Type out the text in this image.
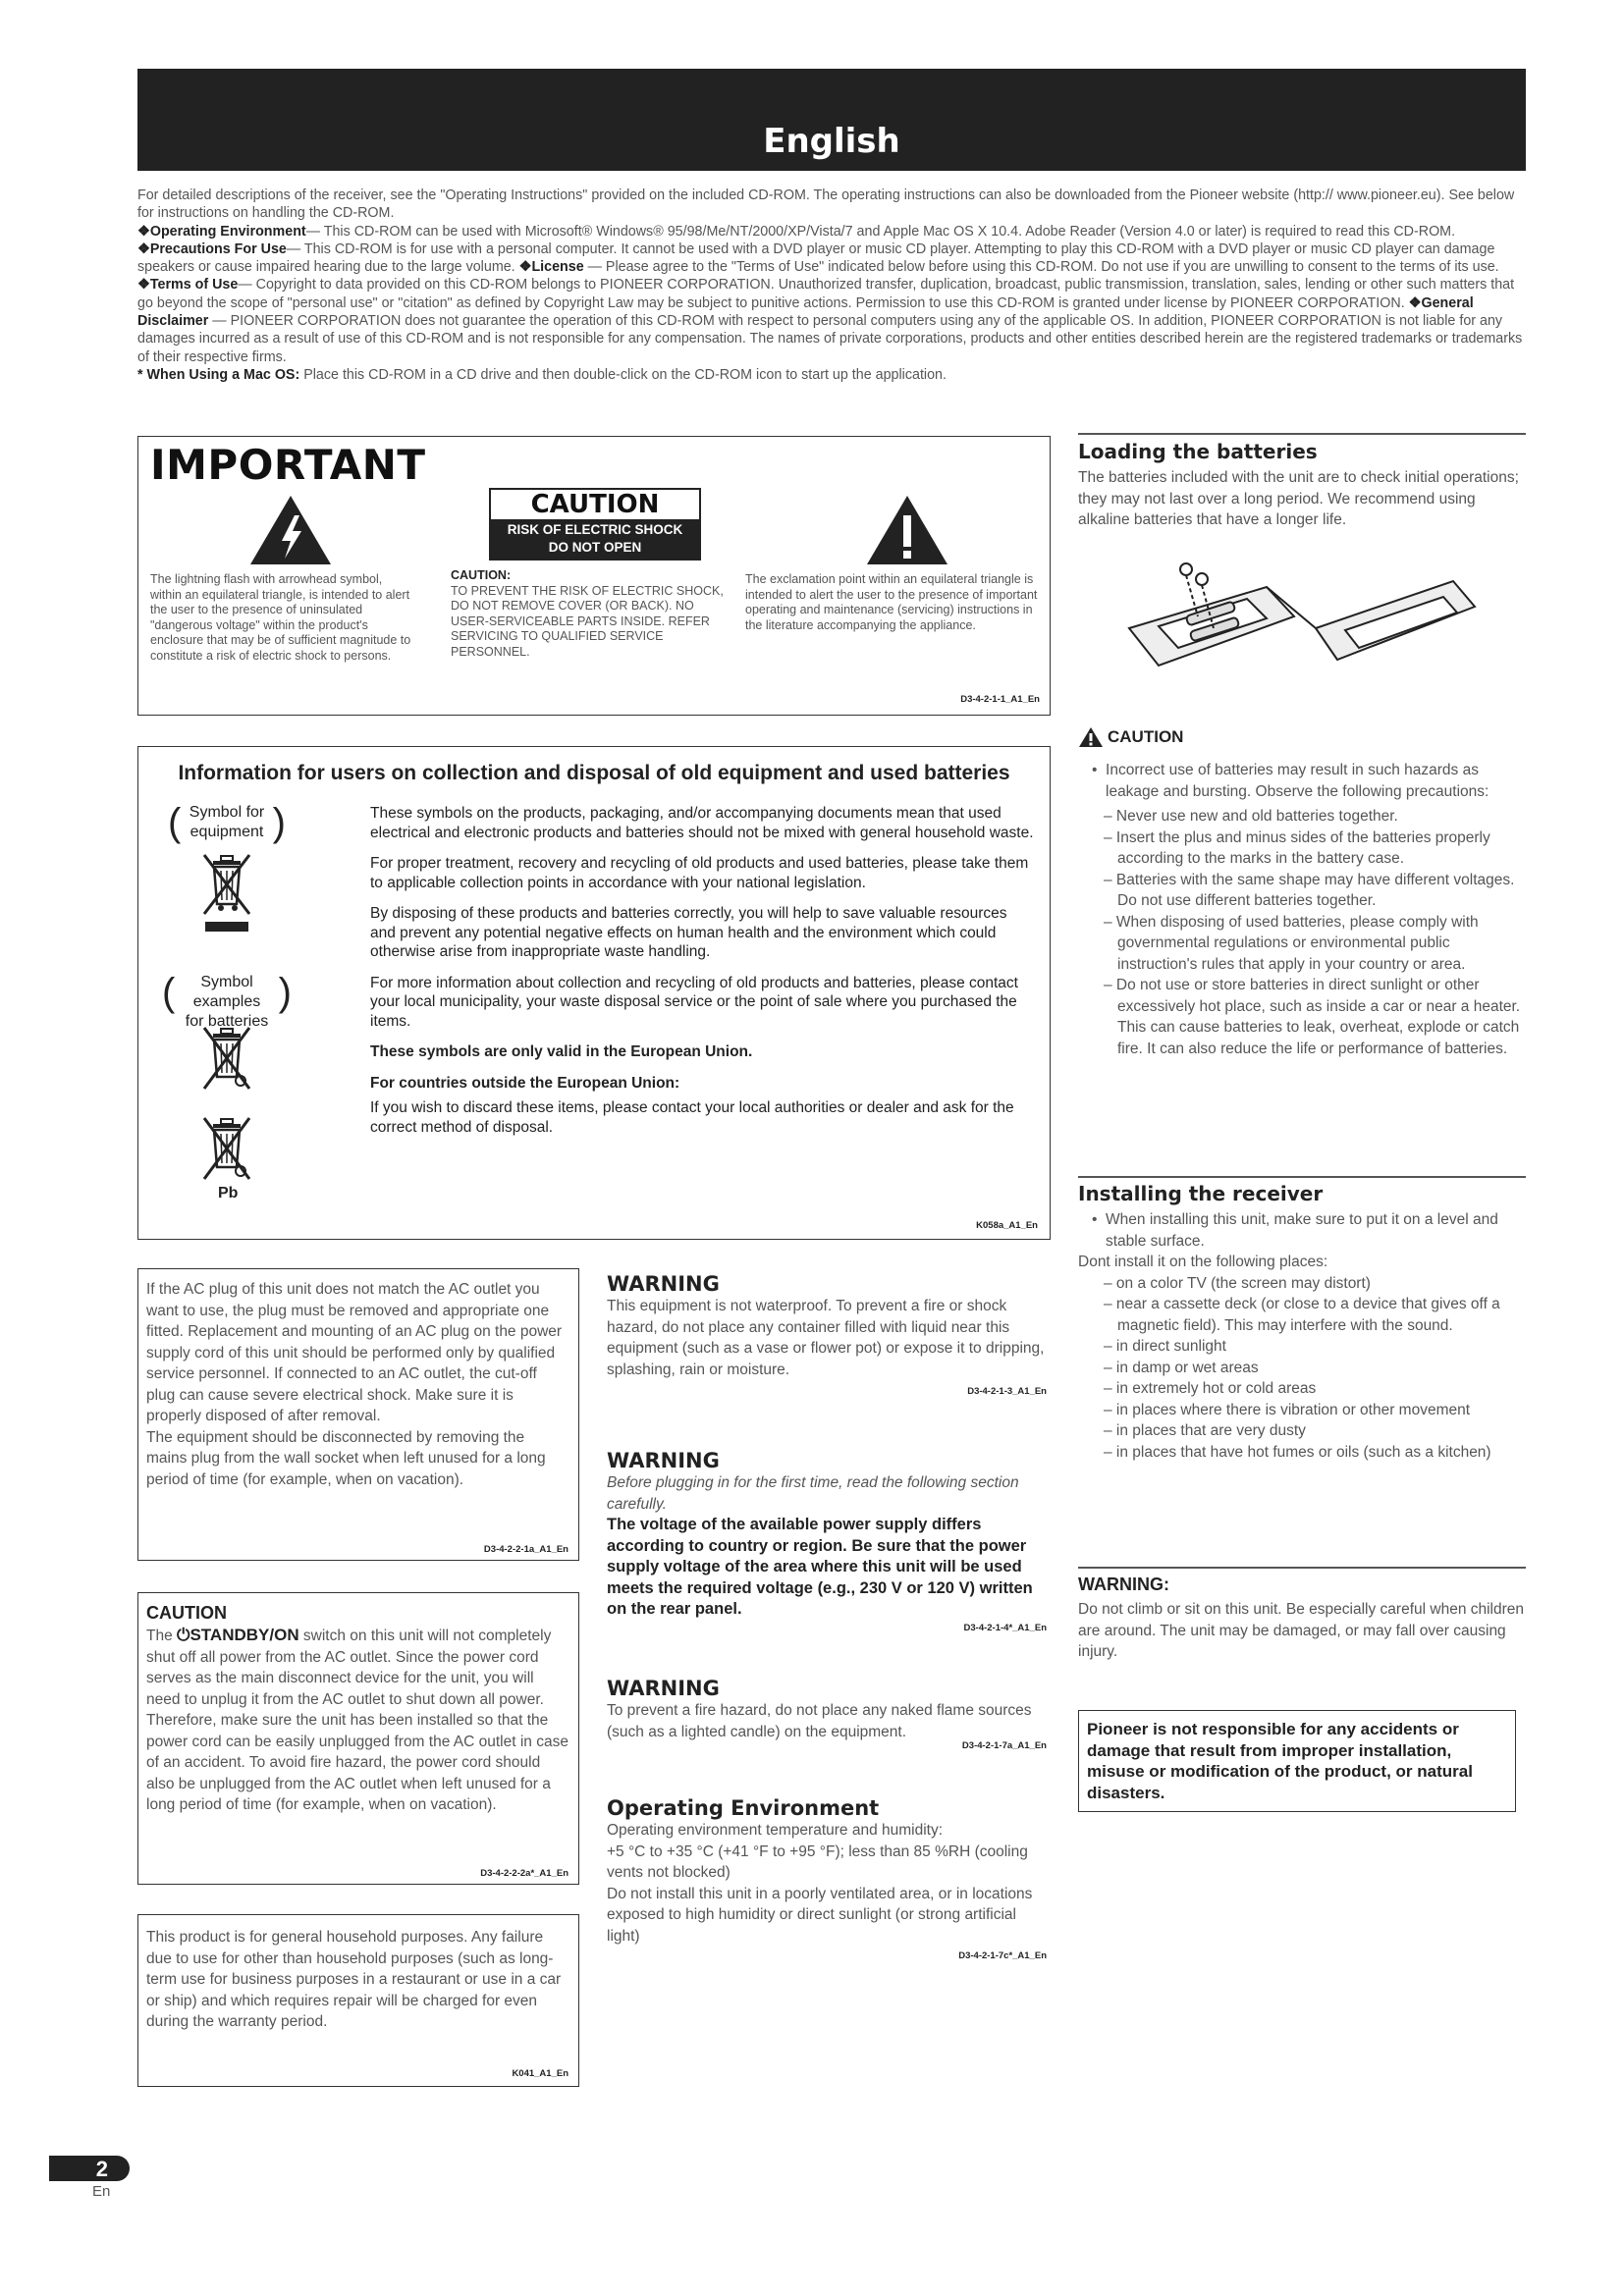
English
For detailed descriptions of the receiver, see the "Operating Instructions" provided on the included CD-ROM. The operating instructions can also be downloaded from the Pioneer website (http:// www.pioneer.eu). See below for instructions on handling the CD-ROM.
❖Operating Environment— This CD-ROM can be used with Microsoft® Windows® 95/98/Me/NT/2000/XP/Vista/7 and Apple Mac OS X 10.4. Adobe Reader (Version 4.0 or later) is required to read this CD-ROM. ❖Precautions For Use— This CD-ROM is for use with a personal computer. It cannot be used with a DVD player or music CD player. Attempting to play this CD-ROM with a DVD player or music CD player can damage speakers or cause impaired hearing due to the large volume. ❖License — Please agree to the "Terms of Use" indicated below before using this CD-ROM. Do not use if you are unwilling to consent to the terms of its use. ❖Terms of Use— Copyright to data provided on this CD-ROM belongs to PIONEER CORPORATION. Unauthorized transfer, duplication, broadcast, public transmission, translation, sales, lending or other such matters that go beyond the scope of "personal use" or "citation" as defined by Copyright Law may be subject to punitive actions. Permission to use this CD-ROM is granted under license by PIONEER CORPORATION. ❖General Disclaimer — PIONEER CORPORATION does not guarantee the operation of this CD-ROM with respect to personal computers using any of the applicable OS. In addition, PIONEER CORPORATION is not liable for any damages incurred as a result of use of this CD-ROM and is not responsible for any compensation. The names of private corporations, products and other entities described herein are the registered trademarks or trademarks of their respective firms.
* When Using a Mac OS: Place this CD-ROM in a CD drive and then double-click on the CD-ROM icon to start up the application.
IMPORTANT
CAUTION
RISK OF ELECTRIC SHOCK
DO NOT OPEN
The lightning flash with arrowhead symbol, within an equilateral triangle, is intended to alert the user to the presence of uninsulated "dangerous voltage" within the product's enclosure that may be of sufficient magnitude to constitute a risk of electric shock to persons.
CAUTION:
TO PREVENT THE RISK OF ELECTRIC SHOCK, DO NOT REMOVE COVER (OR BACK). NO USER-SERVICEABLE PARTS INSIDE. REFER SERVICING TO QUALIFIED SERVICE PERSONNEL.
The exclamation point within an equilateral triangle is intended to alert the user to the presence of important operating and maintenance (servicing) instructions in the literature accompanying the appliance.
D3-4-2-1-1_A1_En
Information for users on collection and disposal of old equipment and used batteries
( Symbol for
equipment )
(	Symbol examples
for batteries
)
Pb

These symbols on the products, packaging, and/or accompanying documents mean that used electrical and electronic products and batteries should not be mixed with general household waste.

For proper treatment, recovery and recycling of old products and used batteries, please take them to applicable collection points in accordance with your national legislation.

By disposing of these products and batteries correctly, you will help to save valuable resources and prevent any potential negative effects on human health and the environment which could otherwise arise from inappropriate waste handling.

For more information about collection and recycling of old products and batteries, please contact your local municipality, your waste disposal service or the point of sale where you purchased the items.

These symbols are only valid in the European Union.

For countries outside the European Union:
If you wish to discard these items, please contact your local authorities or dealer and ask for the correct method of disposal.
K058a_A1_En
If the AC plug of this unit does not match the AC outlet you want to use, the plug must be removed and appropriate one fitted. Replacement and mounting of an AC plug on the power supply cord of this unit should be performed only by qualified service personnel. If connected to an AC outlet, the cut-off plug can cause severe electrical shock. Make sure it is properly disposed of after removal.
The equipment should be disconnected by removing the mains plug from the wall socket when left unused for a long period of time (for example, when on vacation).
D3-4-2-2-1a_A1_En
CAUTION
The ⏻STANDBY/ON switch on this unit will not completely shut off all power from the AC outlet. Since the power cord serves as the main disconnect device for the unit, you will need to unplug it from the AC outlet to shut down all power. Therefore, make sure the unit has been installed so that the power cord can be easily unplugged from the AC outlet in case of an accident. To avoid fire hazard, the power cord should also be unplugged from the AC outlet when left unused for a long period of time (for example, when on vacation).
D3-4-2-2-2a*_A1_En
This product is for general household purposes. Any failure due to use for other than household purposes (such as long-term use for business purposes in a restaurant or use in a car or ship) and which requires repair will be charged for even during the warranty period.
K041_A1_En
WARNING
This equipment is not waterproof. To prevent a fire or shock hazard, do not place any container filled with liquid near this equipment (such as a vase or flower pot) or expose it to dripping, splashing, rain or moisture.
D3-4-2-1-3_A1_En
WARNING
Before plugging in for the first time, read the following section carefully.
The voltage of the available power supply differs according to country or region. Be sure that the power supply voltage of the area where this unit will be used meets the required voltage (e.g., 230 V or 120 V) written on the rear panel.
D3-4-2-1-4*_A1_En
WARNING
To prevent a fire hazard, do not place any naked flame sources (such as a lighted candle) on the equipment.
D3-4-2-1-7a_A1_En
Operating Environment
Operating environment temperature and humidity:
+5 °C to +35 °C (+41 °F to +95 °F); less than 85 %RH (cooling vents not blocked)
Do not install this unit in a poorly ventilated area, or in locations exposed to high humidity or direct sunlight (or strong artificial light)
D3-4-2-1-7c*_A1_En
Loading the batteries
The batteries included with the unit are to check initial operations; they may not last over a long period. We recommend using alkaline batteries that have a longer life.
CAUTION
•  Incorrect use of batteries may result in such hazards as leakage and bursting. Observe the following precautions:
– Never use new and old batteries together.
– Insert the plus and minus sides of the batteries properly according to the marks in the battery case.
– Batteries with the same shape may have different voltages. Do not use different batteries together.
– When disposing of used batteries, please comply with governmental regulations or environmental public instruction's rules that apply in your country or area.
– Do not use or store batteries in direct sunlight or other excessively hot place, such as inside a car or near a heater. This can cause batteries to leak, overheat, explode or catch fire. It can also reduce the life or performance of batteries.
Installing the receiver
•  When installing this unit, make sure to put it on a level and stable surface.
Dont install it on the following places:
– on a color TV (the screen may distort)
– near a cassette deck (or close to a device that gives off a magnetic field). This may interfere with the sound.
– in direct sunlight
– in damp or wet areas
– in extremely hot or cold areas
– in places where there is vibration or other movement
– in places that are very dusty
– in places that have hot fumes or oils (such as a kitchen)
WARNING:
Do not climb or sit on this unit. Be especially careful when children are around. The unit may be damaged, or may fall over causing injury.
Pioneer is not responsible for any accidents or damage that result from improper installation, misuse or modification of the product, or natural disasters.
2
En
